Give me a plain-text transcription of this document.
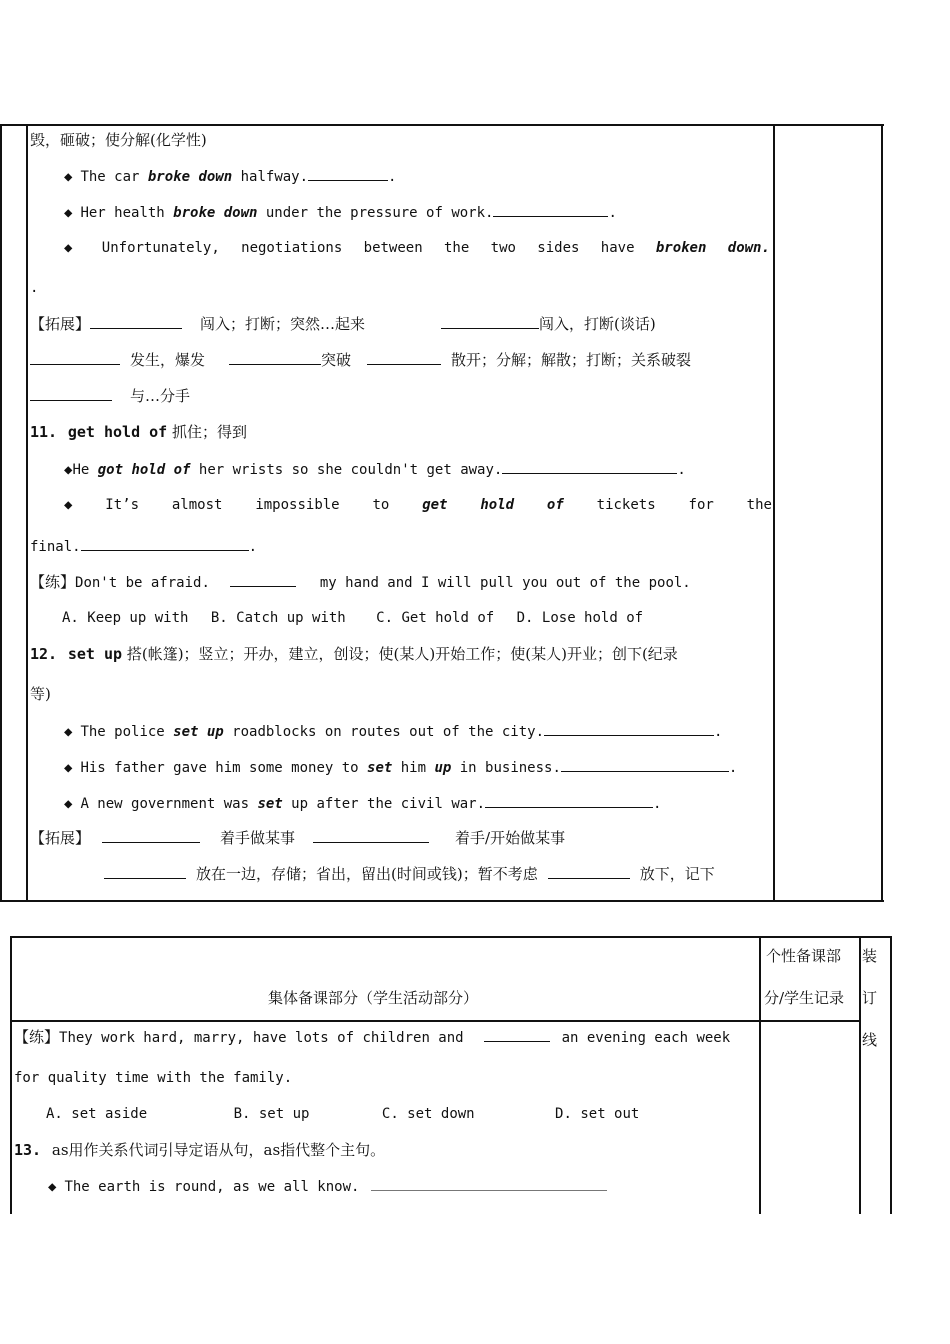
毁，砸破；使分解(化学性)
◆ The car broke down halfway.	.
◆ Her health broke down under the pressure of work.	.
◆ Unfortunately, negotiations between the two sides have broken down.
.
【拓展】	闯入；打断；突然…起来	闯入，打断(谈话)
发生，爆发	突破	散开；分解；解散；打断；关系破裂
与…分手
11. get hold of 抓住；得到
◆He got hold of her wrists so she couldn't get away.	.
◆ It’s almost impossible to get hold of tickets for the
final.	.
【练】Don't be afraid.	my hand and I will pull you out of the pool.
A. Keep up with B. Catch up with C. Get hold of D. Lose hold of
12. set up 搭(帐篷)；竖立；开办，建立，创设；使(某人)开始工作；使(某人)开业；创下(纪录
等)
◆ The police set up roadblocks on routes out of the city.	.
◆ His father gave him some money to set him up in business.	.
◆ A new government was set up after the civil war.	.
【拓展】	着手做某事	着手/开始做某事
放在一边，存储；省出，留出(时间或钱)；暂不考虑	放下，记下
集体备课部分（学生活动部分）
个性备课部
分/学生记录
装
订
线
【练】They work hard, marry, have lots of children and	an evening each week
for quality time with the family.
A. set aside	B. set up	C. set down	D. set out
13. as用作关系代词引导定语从句，as指代整个主句。
◆ The earth is round, as we all know.
